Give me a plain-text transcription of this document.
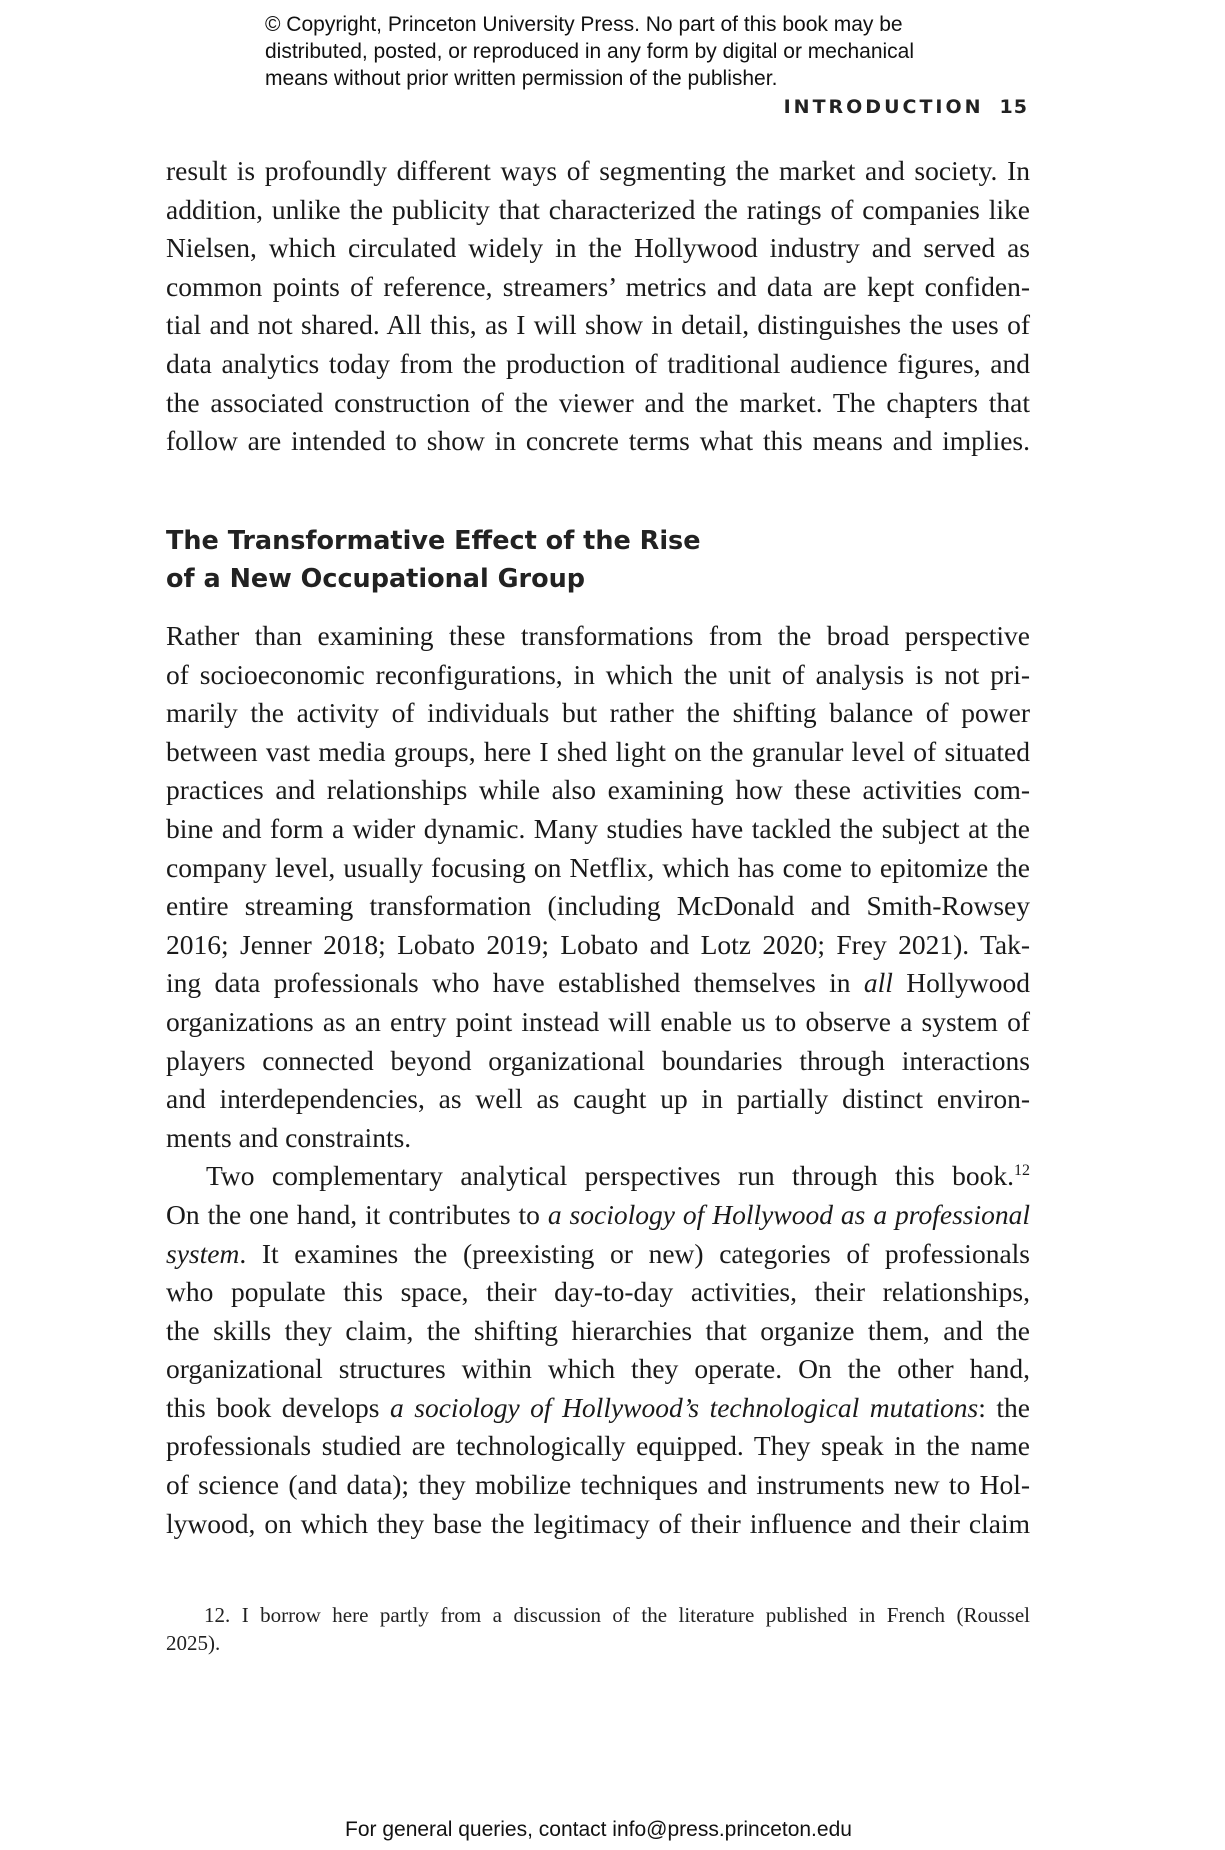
© Copyright, Princeton University Press. No part of this book may be
distributed, posted, or reproduced in any form by digital or mechanical
means without prior written permission of the publisher.
INTRODUCTION 15
result is profoundly different ways of segmenting the market and society. In
addition, unlike the publicity that characterized the ratings of companies like
Nielsen, which circulated widely in the Hollywood industry and served as
common points of reference, streamers’ metrics and data are kept confiden-
tial and not shared. All this, as I will show in detail, distinguishes the uses of
data analytics today from the production of traditional audience figures, and
the associated construction of the viewer and the market. The chapters that
follow are intended to show in concrete terms what this means and implies.
The Transformative Effect of the Rise
of a New Occupational Group
Rather than examining these transformations from the broad perspective
of socioeconomic reconfigurations, in which the unit of analysis is not pri-
marily the activity of individuals but rather the shifting balance of power
between vast media groups, here I shed light on the granular level of situated
practices and relationships while also examining how these activities com-
bine and form a wider dynamic. Many studies have tackled the subject at the
company level, usually focusing on Netflix, which has come to epitomize the
entire streaming transformation (including McDonald and Smith-Rowsey
2016; Jenner 2018; Lobato 2019; Lobato and Lotz 2020; Frey 2021). Tak-
ing data professionals who have established themselves in all Hollywood
organizations as an entry point instead will enable us to observe a system of
players connected beyond organizational boundaries through interactions
and interdependencies, as well as caught up in partially distinct environ-
ments and constraints.
Two complementary analytical perspectives run through this book.$^{12}$
On the one hand, it contributes to a sociology of Hollywood as a professional
system. It examines the (preexisting or new) categories of professionals
who populate this space, their day-to-day activities, their relationships,
the skills they claim, the shifting hierarchies that organize them, and the
organizational structures within which they operate. On the other hand,
this book develops a sociology of Hollywood’s technological mutations: the
professionals studied are technologically equipped. They speak in the name
of science (and data); they mobilize techniques and instruments new to Hol-
lywood, on which they base the legitimacy of their influence and their claim
12. I borrow here partly from a discussion of the literature published in French (Roussel
2025).
For general queries, contact info@press.princeton.edu
